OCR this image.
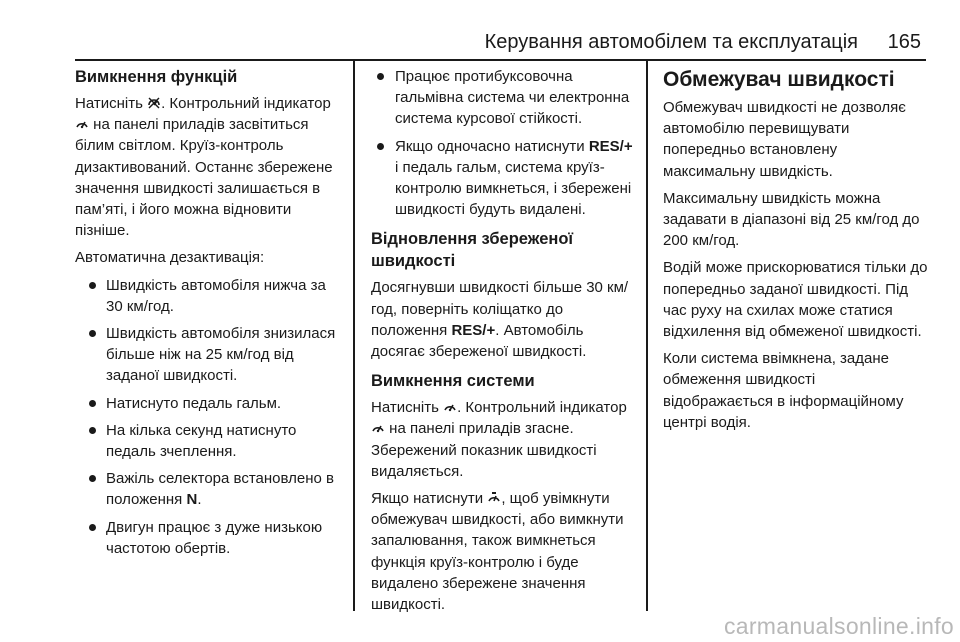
Керування автомобілем та експлуатація 165
Вимкнення функцій

Натисніть
. Контрольний індикатор
на панелі приладів засвітиться білим світлом. Круїз-контроль дизактивований. Останнє збережене значення швидкості залишається в пам’яті, і його можна відновити пізніше.

Автоматична дезактивація:

Швидкість автомобіля нижча за 30 км/год.
Швидкість автомобіля знизилася більше ніж на 25 км/год від заданої швидкості.
Натиснуто педаль гальм.
На кілька секунд натиснуто педаль зчеплення.
Важіль селектора встановлено в положення N.
Двигун працює з дуже низькою частотою обертів.
Працює протибуксовочна гальмівна система чи електронна система курсової стійкості.
Якщо одночасно натиснути RES/+ і педаль гальм, система круїз-контролю вимкнеться, і збережені швидкості будуть видалені.
Відновлення збереженої швидкості

Досягнувши швидкості більше 30 км/год, поверніть коліщатко до положення RES/+. Автомобіль досягає збереженої швидкості.

Вимкнення системи

Натисніть
. Контрольний індикатор
на панелі приладів згасне. Збережений показник швидкості видаляється.

Якщо натиснути
, щоб увімкнути обмежувач швидкості, або вимкнути запалювання, також вимкнеться функція круїз-контролю і буде видалено збережене значення швидкості.

Обмежувач швидкості

Обмежувач швидкості не дозволяє автомобілю перевищувати попередньо встановлену максимальну швидкість.

Максимальну швидкість можна задавати в діапазоні від 25 км/год до 200 км/год.

Водій може прискорюватися тільки до попередньо заданої швидкості. Під час руху на схилах може статися відхилення від обмеженої швидкості.

Коли система ввімкнена, задане обмеження швидкості відображається в інформаційному центрі водія.

carmanualsonline.info
